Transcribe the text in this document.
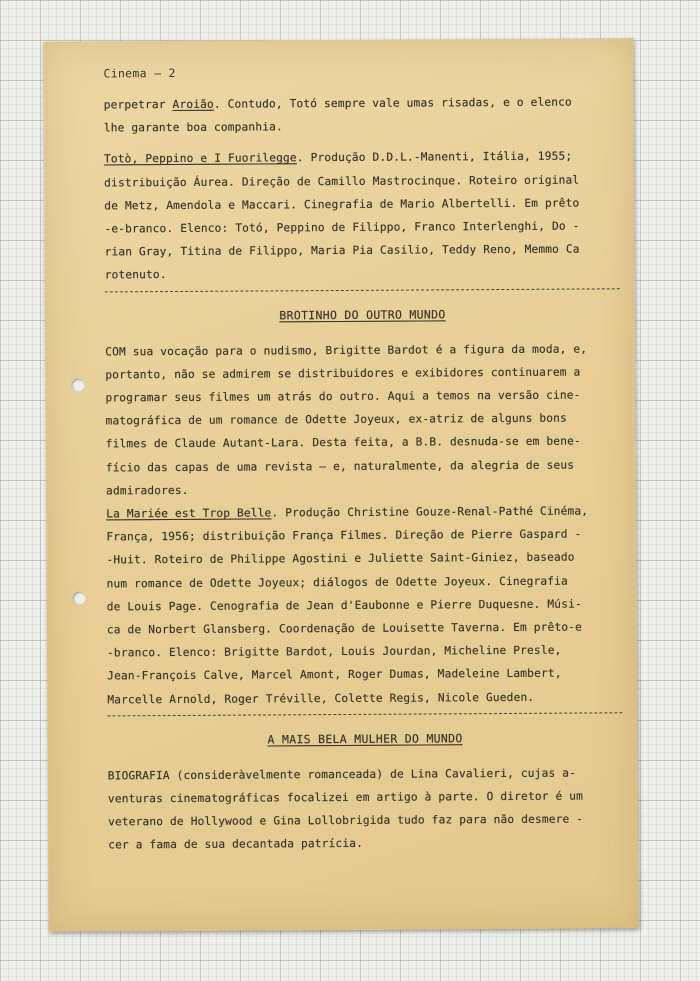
Cinema – 2

perpetrar Aroião. Contudo, Totó sempre vale umas risadas, e o elenco
lhe garante boa companhia.

Totò, Peppino e I Fuorilegge. Produção D.D.L.-Manenti, Itália, 1955;
distribuição Áurea. Direção de Camillo Mastrocinque. Roteiro original
de Metz, Amendola e Maccari. Cinegrafia de Mario Albertelli. Em prêto
-e-branco. Elenco: Totó, Peppino de Filippo, Franco Interlenghi, Do -
rian Gray, Titina de Filippo, Maria Pia Casilio, Teddy Reno, Memmo Ca
rotenuto.

BROTINHO DO OUTRO MUNDO

COM sua vocação para o nudismo, Brigitte Bardot é a figura da moda, e,
portanto, não se admirem se distribuidores e exibidores continuarem a
programar seus filmes um atrás do outro. Aqui a temos na versão cine-
matográfica de um romance de Odette Joyeux, ex-atriz de alguns bons
filmes de Claude Autant-Lara. Desta feita, a B.B. desnuda-se em bene-
fício das capas de uma revista — e, naturalmente, da alegria de seus
admiradores.

La Mariée est Trop Belle. Produção Christine Gouze-Renal-Pathé Cinéma,
França, 1956; distribuição França Filmes. Direção de Pierre Gaspard -
-Huit. Roteiro de Philippe Agostini e Juliette Saint-Giniez, baseado
num romance de Odette Joyeux; diálogos de Odette Joyeux. Cinegrafia
de Louis Page. Cenografia de Jean d'Eaubonne e Pierre Duquesne. Músi-
ca de Norbert Glansberg. Coordenação de Louisette Taverna. Em prêto-e
-branco. Elenco: Brigitte Bardot, Louis Jourdan, Micheline Presle,
Jean-François Calve, Marcel Amont, Roger Dumas, Madeleine Lambert,
Marcelle Arnold, Roger Tréville, Colette Regis, Nicole Gueden.

A MAIS BELA MULHER DO MUNDO

BIOGRAFIA (consideràvelmente romanceada) de Lina Cavalieri, cujas a-
venturas cinematográficas focalizei em artigo à parte. O diretor é um
veterano de Hollywood e Gina Lollobrigida tudo faz para não desmere -
cer a fama de sua decantada patrícia.
